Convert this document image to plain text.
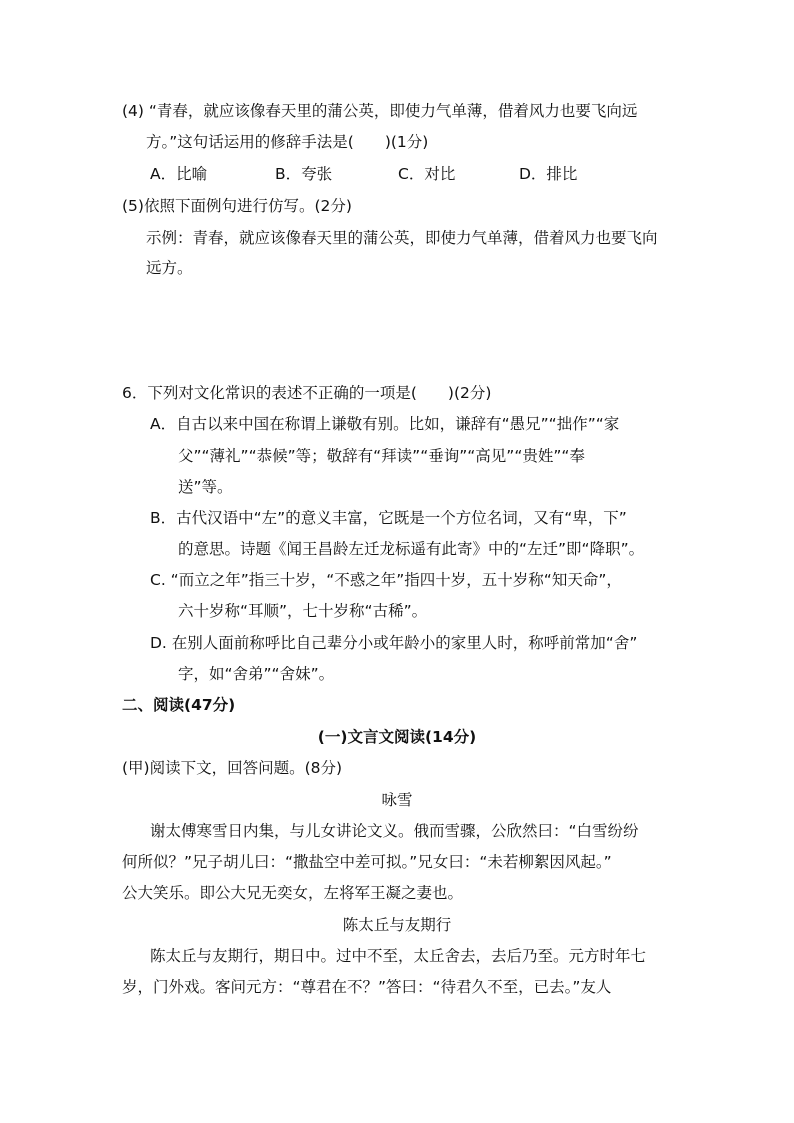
(4) “青春，就应该像春天里的蒲公英，即使力气单薄，借着风力也要飞向远
方。”这句话运用的修辞手法是(　　)(1分)
A．比喻	B．夸张	C．对比	D．排比
(5)依照下面例句进行仿写。(2分)
示例：青春，就应该像春天里的蒲公英，即使力气单薄，借着风力也要飞向
远方。
6．下列对文化常识的表述不正确的一项是(　　)(2分)
A．自古以来中国在称谓上谦敬有别。比如，谦辞有“愚兄”“拙作”“家
父”“薄礼”“恭候”等；敬辞有“拜读”“垂询”“高见”“贵姓”“奉
送”等。
B．古代汉语中“左”的意义丰富，它既是一个方位名词，又有“卑，下”
的意思。诗题《闻王昌龄左迁龙标遥有此寄》中的“左迁”即“降职”。
C. “而立之年”指三十岁，“不惑之年”指四十岁，五十岁称“知天命”，
六十岁称“耳顺”，七十岁称“古稀”。
D. 在别人面前称呼比自己辈分小或年龄小的家里人时，称呼前常加“舍”
字，如“舍弟”“舍妹”。
二、阅读(47分)
(一)文言文阅读(14分)
(甲)阅读下文，回答问题。(8分)
咏雪
谢太傅寒雪日内集，与儿女讲论文义。俄而雪骤，公欣然曰：“白雪纷纷
何所似？”兄子胡儿曰：“撒盐空中差可拟。”兄女曰：“未若柳絮因风起。”
公大笑乐。即公大兄无奕女，左将军王凝之妻也。
陈太丘与友期行
陈太丘与友期行，期日中。过中不至，太丘舍去，去后乃至。元方时年七
岁，门外戏。客问元方：“尊君在不？”答曰：“待君久不至，已去。”友人
